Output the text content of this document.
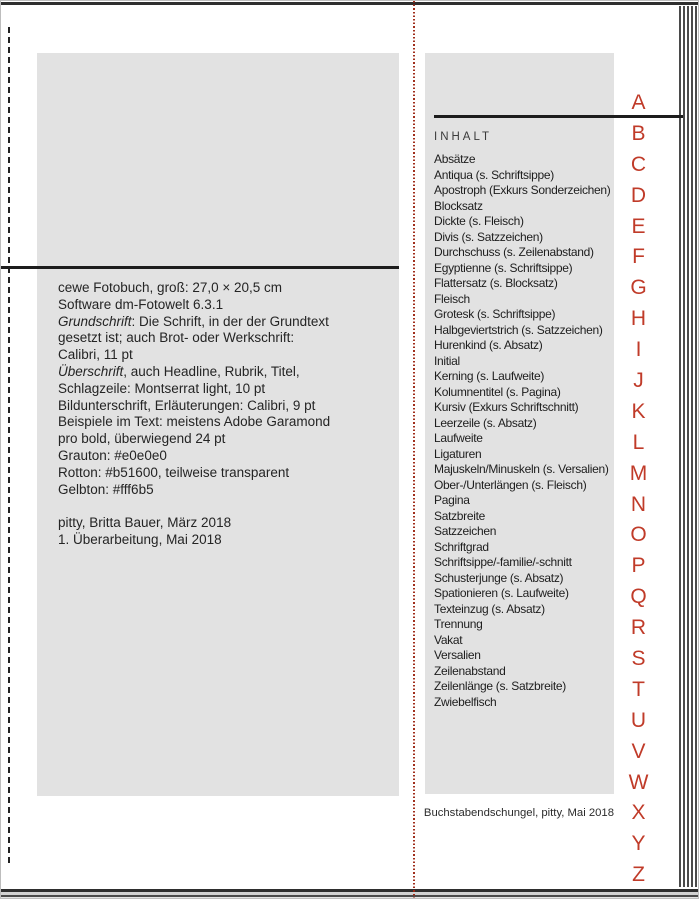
cewe Fotobuch, groß: 27,0 × 20,5 cm
Software dm-Fotowelt 6.3.1
Grundschrift: Die Schrift, in der der Grundtext
gesetzt ist; auch Brot- oder Werkschrift:
Calibri, 11 pt
Überschrift, auch Headline, Rubrik, Titel,
Schlagzeile: Montserrat light, 10 pt
Bildunterschrift, Erläuterungen: Calibri, 9 pt
Beispiele im Text: meistens Adobe Garamond
pro bold, überwiegend 24 pt
Grauton: #e0e0e0
Rotton: #b51600, teilweise transparent
Gelbton: #fff6b5
pitty, Britta Bauer, März 2018
1. Überarbeitung, Mai 2018
INHALT
Absätze
Antiqua (s. Schriftsippe)
Apostroph (Exkurs Sonderzeichen)
Blocksatz
Dickte (s. Fleisch)
Divis (s. Satzzeichen)
Durchschuss (s. Zeilenabstand)
Egyptienne (s. Schriftsippe)
Flattersatz (s. Blocksatz)
Fleisch
Grotesk (s. Schriftsippe)
Halbgeviertstrich (s. Satzzeichen)
Hurenkind (s. Absatz)
Initial
Kerning (s. Laufweite)
Kolumnentitel (s. Pagina)
Kursiv (Exkurs Schriftschnitt)
Leerzeile (s. Absatz)
Laufweite
Ligaturen
Majuskeln/Minuskeln (s. Versalien)
Ober-/Unterlängen (s. Fleisch)
Pagina
Satzbreite
Satzzeichen
Schriftgrad
Schriftsippe/-familie/-schnitt
Schusterjunge (s. Absatz)
Spationieren (s. Laufweite)
Texteinzug (s. Absatz)
Trennung
Vakat
Versalien
Zeilenabstand
Zeilenlänge (s. Satzbreite)
Zwiebelfisch
A
B
C
D
E
F
G
H
I
J
K
L
M
N
O
P
Q
R
S
T
U
V
W
X
Y
Z
Buchstabendschungel, pitty, Mai 2018
